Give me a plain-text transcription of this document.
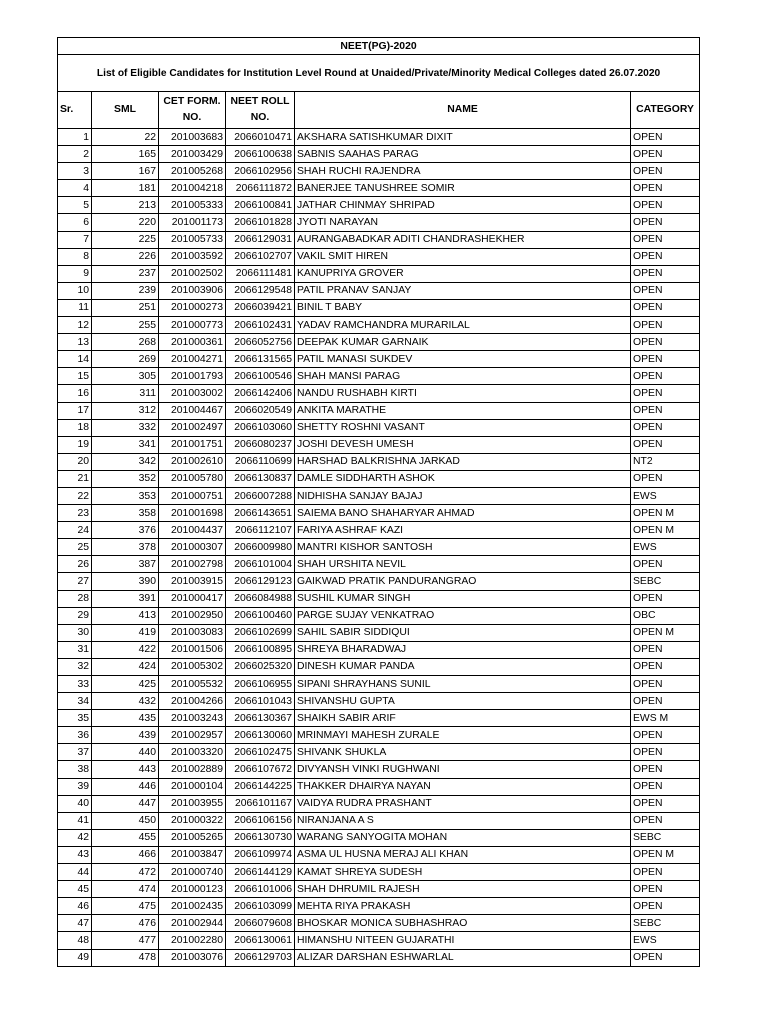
NEET(PG)-2020					
List of Eligible Candidates for Institution Level Round at Unaided/Private/Minority Medical Colleges dated 26.07.2020					
Sr.	SML	CET FORM. NO.	NEET ROLL NO.	NAME	CATEGORY
1	22	201003683	2066010471	AKSHARA SATISHKUMAR DIXIT	OPEN
2	165	201003429	2066100638	SABNIS SAAHAS PARAG	OPEN
3	167	201005268	2066102956	SHAH RUCHI RAJENDRA	OPEN
4	181	201004218	2066111872	BANERJEE TANUSHREE SOMIR	OPEN
5	213	201005333	2066100841	JATHAR CHINMAY SHRIPAD	OPEN
6	220	201001173	2066101828	JYOTI NARAYAN	OPEN
7	225	201005733	2066129031	AURANGABADKAR ADITI CHANDRASHEKHER	OPEN
8	226	201003592	2066102707	VAKIL SMIT HIREN	OPEN
9	237	201002502	2066111481	KANUPRIYA GROVER	OPEN
10	239	201003906	2066129548	PATIL PRANAV SANJAY	OPEN
11	251	201000273	2066039421	BINIL T BABY	OPEN
12	255	201000773	2066102431	YADAV RAMCHANDRA MURARILAL	OPEN
13	268	201000361	2066052756	DEEPAK KUMAR GARNAIK	OPEN
14	269	201004271	2066131565	PATIL MANASI SUKDEV	OPEN
15	305	201001793	2066100546	SHAH MANSI PARAG	OPEN
16	311	201003002	2066142406	NANDU RUSHABH KIRTI	OPEN
17	312	201004467	2066020549	ANKITA MARATHE	OPEN
18	332	201002497	2066103060	SHETTY ROSHNI VASANT	OPEN
19	341	201001751	2066080237	JOSHI DEVESH UMESH	OPEN
20	342	201002610	2066110699	HARSHAD BALKRISHNA JARKAD	NT2
21	352	201005780	2066130837	DAMLE SIDDHARTH ASHOK	OPEN
22	353	201000751	2066007288	NIDHISHA SANJAY BAJAJ	EWS
23	358	201001698	2066143651	SAIEMA BANO SHAHARYAR AHMAD	OPEN M
24	376	201004437	2066112107	FARIYA ASHRAF KAZI	OPEN M
25	378	201000307	2066009980	MANTRI KISHOR SANTOSH	EWS
26	387	201002798	2066101004	SHAH URSHITA NEVIL	OPEN
27	390	201003915	2066129123	GAIKWAD PRATIK PANDURANGRAO	SEBC
28	391	201000417	2066084988	SUSHIL KUMAR SINGH	OPEN
29	413	201002950	2066100460	PARGE SUJAY VENKATRAO	OBC
30	419	201003083	2066102699	SAHIL SABIR SIDDIQUI	OPEN M
31	422	201001506	2066100895	SHREYA BHARADWAJ	OPEN
32	424	201005302	2066025320	DINESH KUMAR PANDA	OPEN
33	425	201005532	2066106955	SIPANI SHRAYHANS SUNIL	OPEN
34	432	201004266	2066101043	SHIVANSHU GUPTA	OPEN
35	435	201003243	2066130367	SHAIKH SABIR ARIF	EWS M
36	439	201002957	2066130060	MRINMAYI MAHESH ZURALE	OPEN
37	440	201003320	2066102475	SHIVANK SHUKLA	OPEN
38	443	201002889	2066107672	DIVYANSH VINKI RUGHWANI	OPEN
39	446	201000104	2066144225	THAKKER DHAIRYA NAYAN	OPEN
40	447	201003955	2066101167	VAIDYA RUDRA PRASHANT	OPEN
41	450	201000322	2066106156	NIRANJANA A S	OPEN
42	455	201005265	2066130730	WARANG SANYOGITA MOHAN	SEBC
43	466	201003847	2066109974	ASMA UL HUSNA MERAJ ALI KHAN	OPEN M
44	472	201000740	2066144129	KAMAT SHREYA SUDESH	OPEN
45	474	201000123	2066101006	SHAH DHRUMIL RAJESH	OPEN
46	475	201002435	2066103099	MEHTA RIYA PRAKASH	OPEN
47	476	201002944	2066079608	BHOSKAR MONICA SUBHASHRAO	SEBC
48	477	201002280	2066130061	HIMANSHU NITEEN GUJARATHI	EWS
49	478	201003076	2066129703	ALIZAR DARSHAN ESHWARLAL	OPEN
